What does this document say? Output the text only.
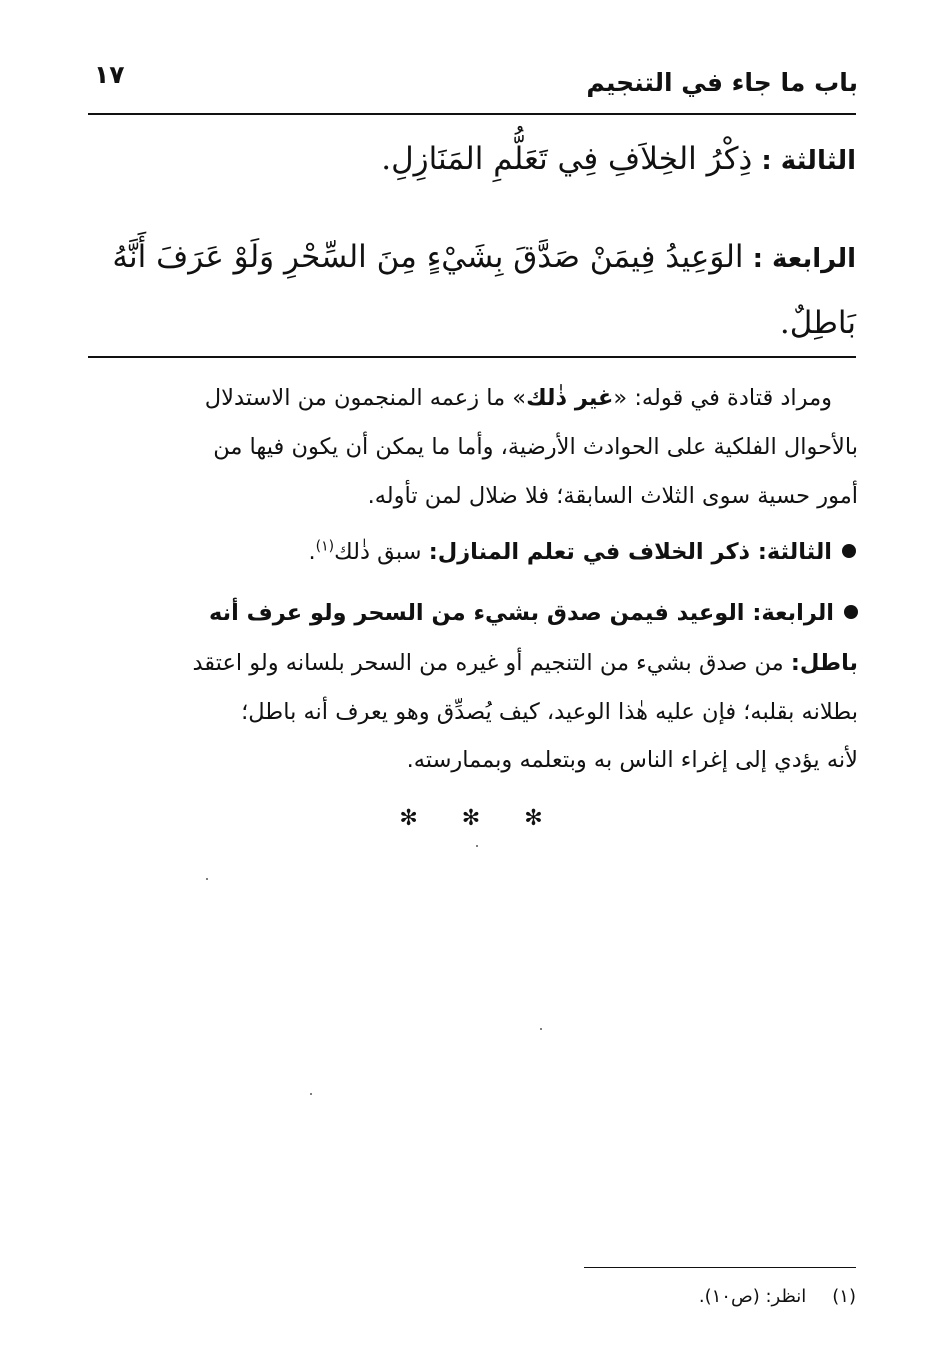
باب ما جاء في التنجيم
١٧
الثالثة : ذِكْرُ الخِلاَفِ فِي تَعَلُّمِ المَنَازِلِ.
الرابعة : الوَعِيدُ فِيمَنْ صَدَّقَ بِشَيْءٍ مِنَ السِّحْرِ وَلَوْ عَرَفَ أَنَّهُ
بَاطِلٌ.
ومراد قتادة في قوله: «غير ذٰلك» ما زعمه المنجمون من الاستدلال
بالأحوال الفلكية على الحوادث الأرضية، وأما ما يمكن أن يكون فيها من
أمور حسية سوى الثلاث السابقة؛ فلا ضلال لمن تأوله.
الثالثة: ذكر الخلاف في تعلم المنازل: سبق ذٰلك$^{(١)}$.
الرابعة: الوعيد فيمن صدق بشيء من السحر ولو عرف أنه
باطل: من صدق بشيء من التنجيم أو غيره من السحر بلسانه ولو اعتقد
بطلانه بقلبه؛ فإن عليه هٰذا الوعيد، كيف يُصدِّق وهو يعرف أنه باطل؛
لأنه يؤدي إلى إغراء الناس به وبتعلمه وبممارسته.
✻ ✻ ✻
(١)انظر: (ص١٠).
